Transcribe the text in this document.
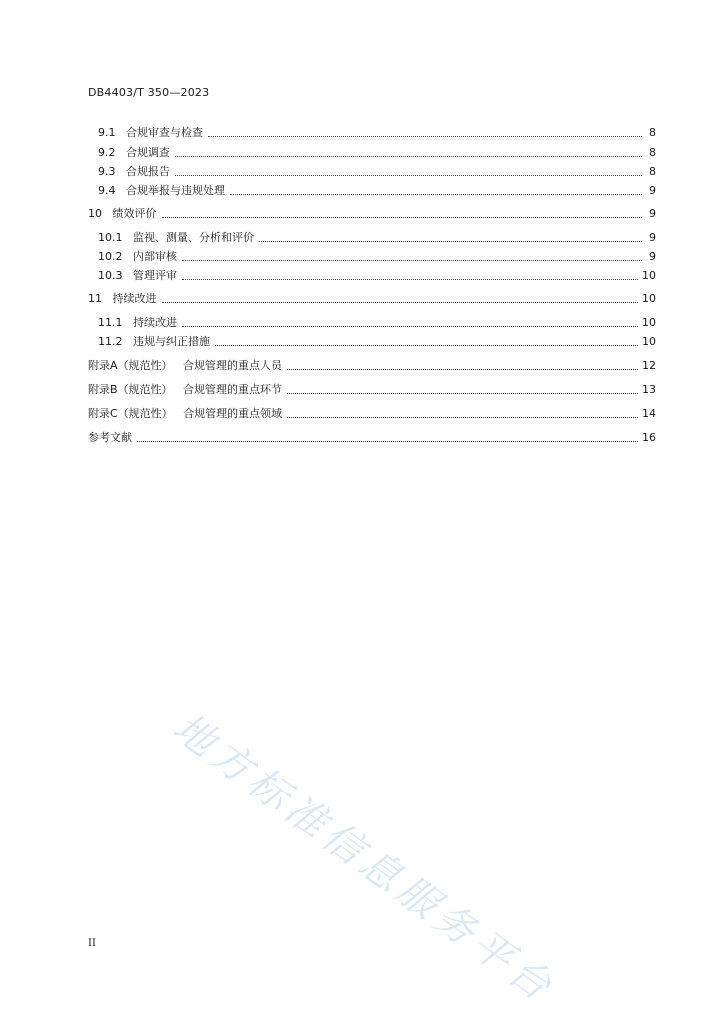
DB4403/T 350—2023
9.1 合规审查与检查	8
9.2 合规调查	8
9.3 合规报告	8
9.4 合规举报与违规处理	9
10 绩效评价	9
10.1 监视、测量、分析和评价	9
10.2 内部审核	9
10.3 管理评审	10
11 持续改进	10
11.1 持续改进	10
11.2 违规与纠正措施	10
附录A（规范性） 合规管理的重点人员	12
附录B（规范性） 合规管理的重点环节	13
附录C（规范性） 合规管理的重点领域	14
参考文献	16
地方标准信息服务平台
II
